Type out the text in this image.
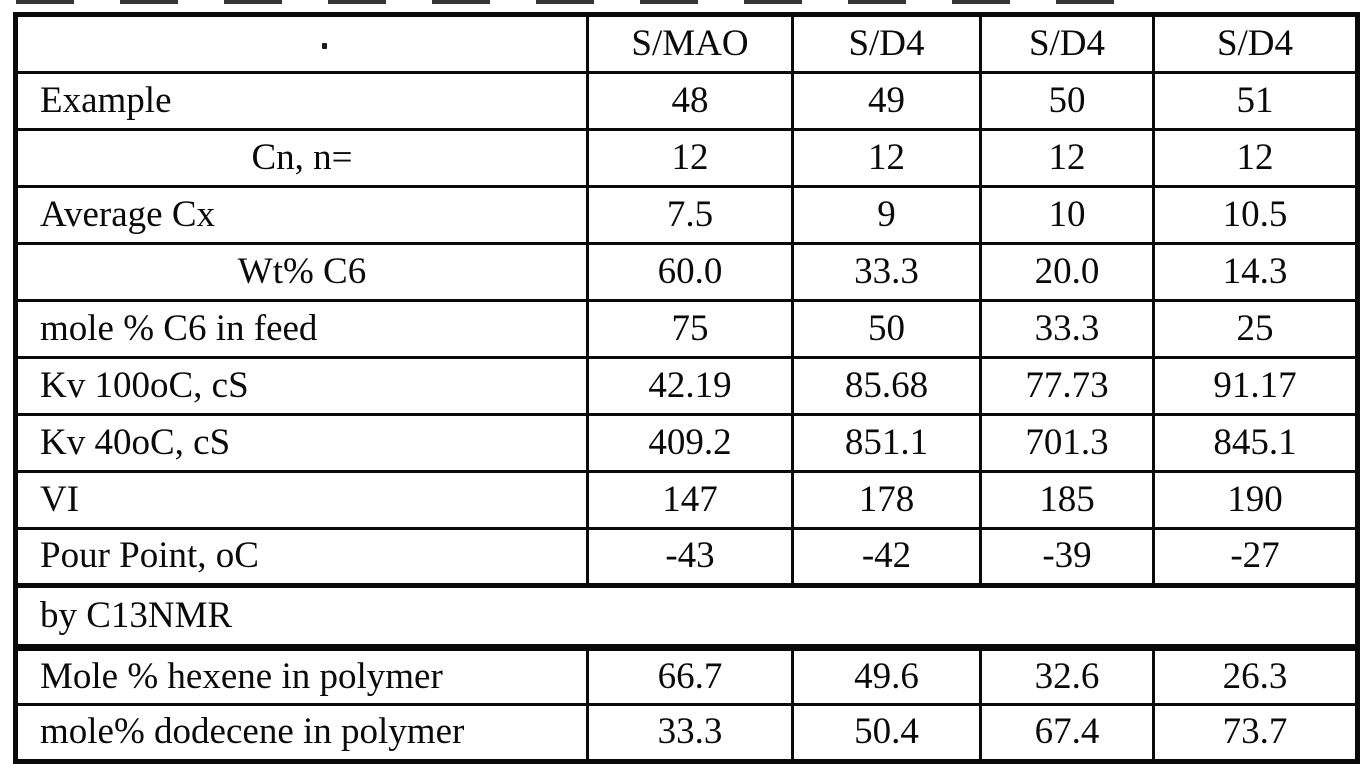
	S/MAO	S/D4	S/D4	S/D4
Example	48	49	50	51
Cn, n=	12	12	12	12
Average Cx	7.5	9	10	10.5
Wt% C6	60.0	33.3	20.0	14.3
mole % C6 in feed	75	50	33.3	25
Kv 100oC, cS	42.19	85.68	77.73	91.17
Kv 40oC, cS	409.2	851.1	701.3	845.1
VI	147	178	185	190
Pour Point, oC	-43	-42	-39	-27
by C13NMR				
Mole % hexene in polymer	66.7	49.6	32.6	26.3
mole% dodecene in polymer	33.3	50.4	67.4	73.7
